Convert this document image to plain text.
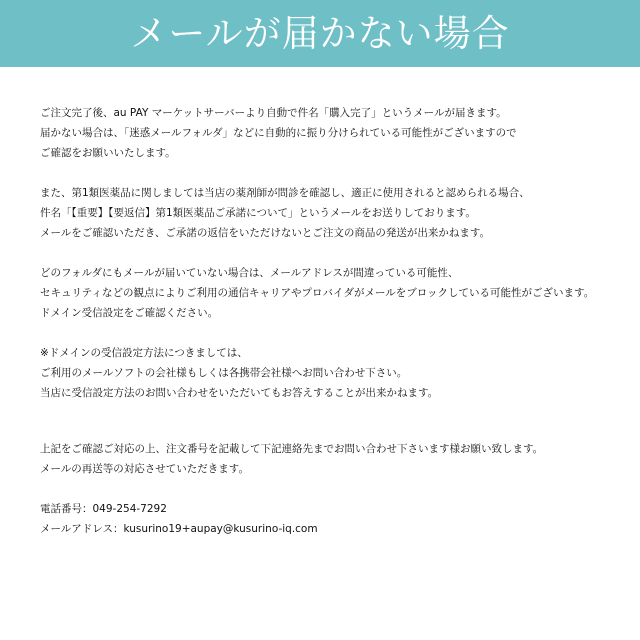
メールが届かない場合

ご注文完了後、au PAY マーケットサーバーより自動で件名「購入完了」というメールが届きます。
届かない場合は、「迷惑メールフォルダ」などに自動的に振り分けられている可能性がございますので
ご確認をお願いいたします。

また、第1類医薬品に関しましては当店の薬剤師が問診を確認し、適正に使用されると認められる場合、
件名「【重要】【要返信】第1類医薬品ご承諾について」というメールをお送りしております。
メールをご確認いただき、ご承諾の返信をいただけないとご注文の商品の発送が出来かねます。

どのフォルダにもメールが届いていない場合は、メールアドレスが間違っている可能性、
セキュリティなどの観点によりご利用の通信キャリアやプロバイダがメールをブロックしている可能性がございます。
ドメイン受信設定をご確認ください。

※ドメインの受信設定方法につきましては、
ご利用のメールソフトの会社様もしくは各携帯会社様へお問い合わせ下さい。
当店に受信設定方法のお問い合わせをいただいてもお答えすることが出来かねます。

上記をご確認ご対応の上、注文番号を記載して下記連絡先までお問い合わせ下さいます様お願い致します。
メールの再送等の対応させていただきます。

電話番号：049-254-7292
メールアドレス：kusurino19+aupay@kusurino-iq.com
